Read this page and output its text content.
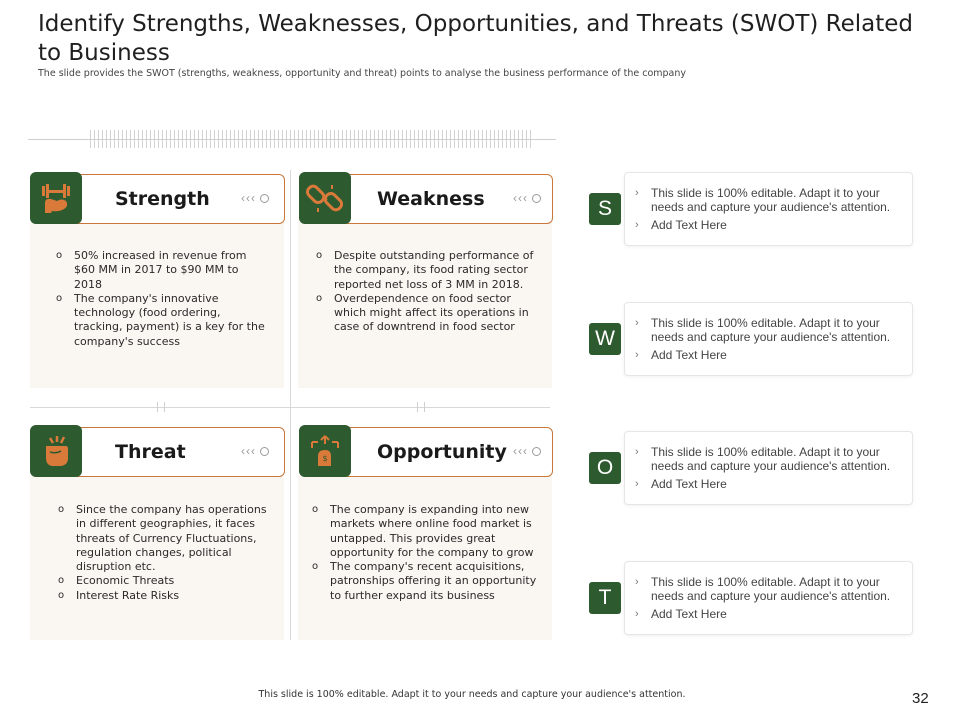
Identify Strengths, Weaknesses, Opportunities, and Threats (SWOT) Related to Business
The slide provides the SWOT (strengths, weakness, opportunity and threat) points to analyse the business performance of the company
Strength	‹‹‹
o 50% increased in revenue from $60 MM in 2017 to $90 MM to 2018
o The company's innovative technology (food ordering, tracking, payment) is a key for the company's success
Weakness ‹‹‹
o Despite outstanding performance of the company, its food rating sector reported net loss of 3 MM in 2018.
o Overdependence on food sector which might affect its operations in case of downtrend in food sector
Threat	‹‹‹
o Since the company has operations in different geographies, it faces threats of Currency Fluctuations, regulation changes, political disruption etc.
o Economic Threats
o Interest Rate Risks
Opportunity ‹‹‹
$
o The company is expanding into new markets where online food market is untapped. This provides great opportunity for the company to grow
o The company's recent acquisitions, patronships offering it an opportunity to further expand its business
› This slide is 100% editable. Adapt it to your needs and capture your audience's attention.
› Add Text Here
S
› This slide is 100% editable. Adapt it to your needs and capture your audience's attention.
› Add Text Here
W
› This slide is 100% editable. Adapt it to your needs and capture your audience's attention.
› Add Text Here
O
› This slide is 100% editable. Adapt it to your needs and capture your audience's attention.
› Add Text Here
T
This slide is 100% editable. Adapt it to your needs and capture your audience's attention.	32
